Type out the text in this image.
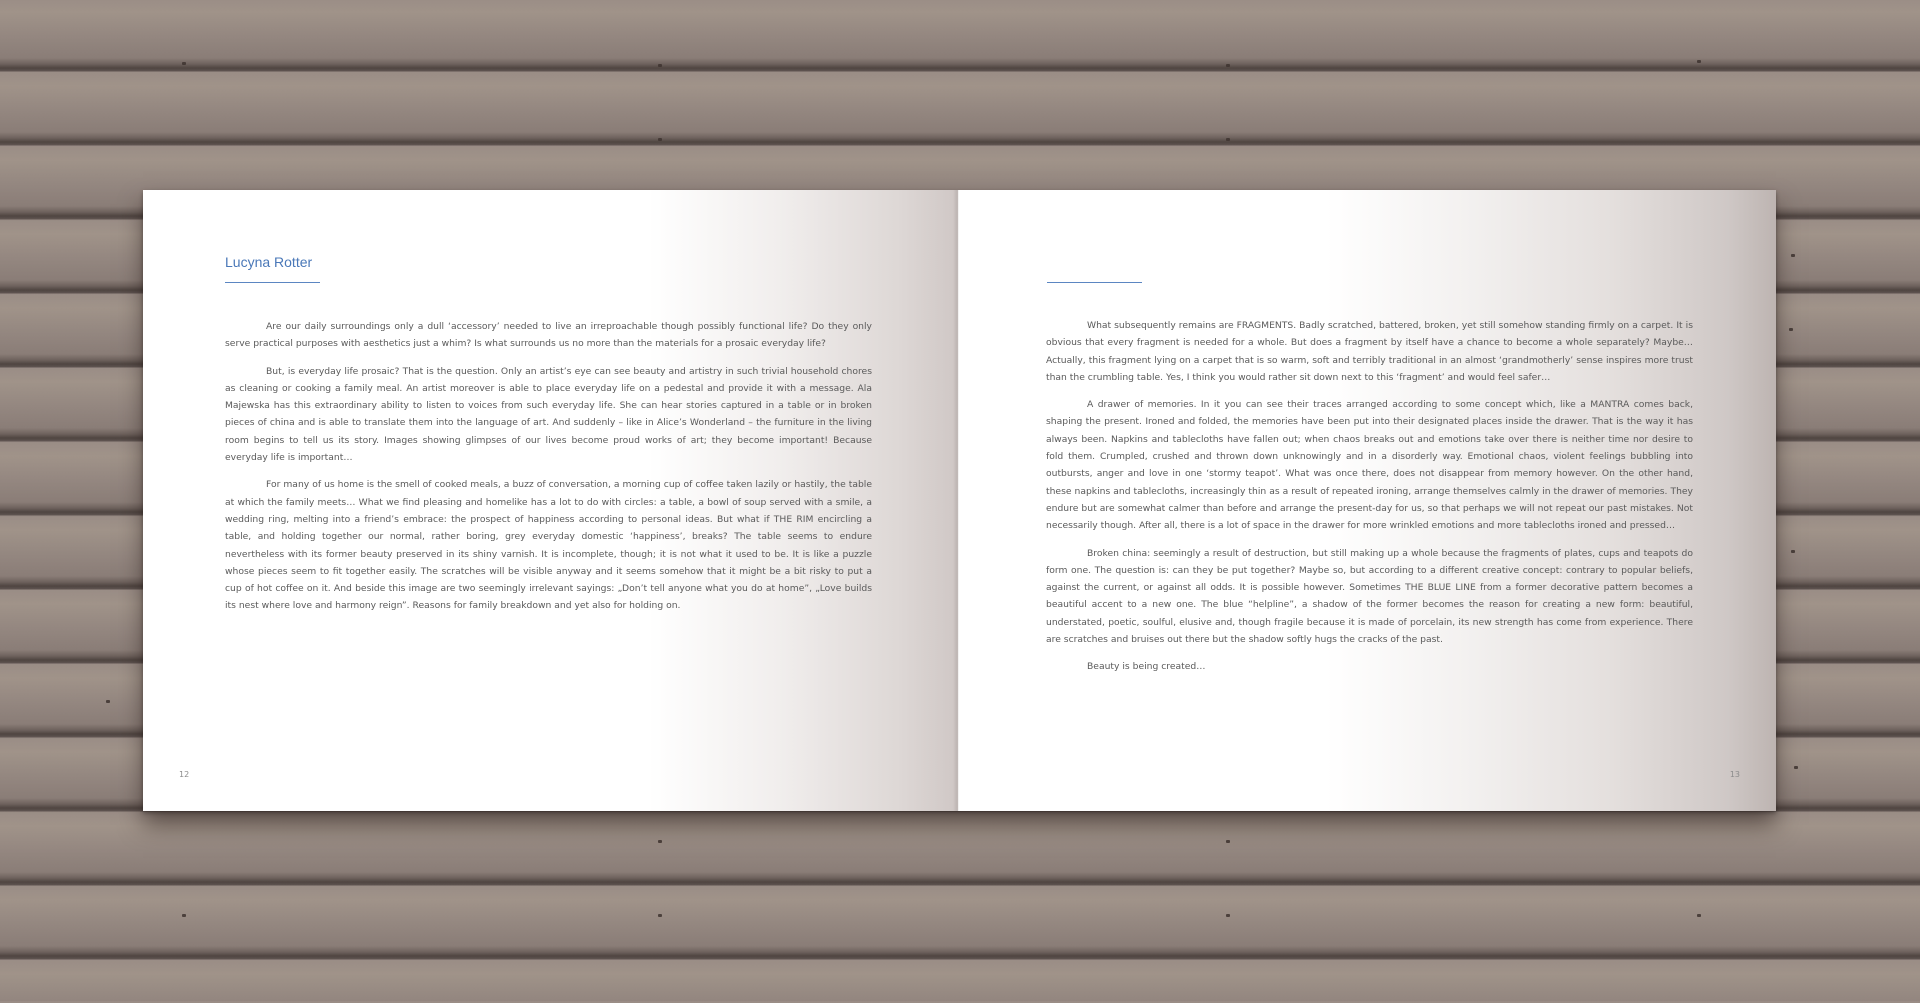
Lucyna Rotter

Are our daily surroundings only a dull ‘accessory’ needed to live an irreproachable though possibly functional life? Do they only serve practical purposes with aesthetics just a whim? Is what surrounds us no more than the materials for a prosaic everyday life?

But, is everyday life prosaic? That is the question. Only an artist’s eye can see beauty and artistry in such trivial household chores as cleaning or cooking a family meal. An artist moreover is able to place everyday life on a pedestal and provide it with a message. Ala Majewska has this extraordinary ability to listen to voices from such everyday life. She can hear stories captured in a table or in broken pieces of china and is able to translate them into the language of art. And suddenly – like in Alice’s Wonderland – the furniture in the living room begins to tell us its story. Images showing glimpses of our lives become proud works of art; they become important! Because everyday life is important…

For many of us home is the smell of cooked meals, a buzz of conversation, a morning cup of coffee taken lazily or hastily, the table at which the family meets… What we find pleasing and homelike has a lot to do with circles: a table, a bowl of soup served with a smile, a wedding ring, melting into a friend’s embrace: the prospect of happiness according to personal ideas. But what if THE RIM encircling a table, and holding together our normal, rather boring, grey everyday domestic ‘happiness’, breaks? The table seems to endure nevertheless with its former beauty preserved in its shiny varnish. It is incomplete, though; it is not what it used to be. It is like a puzzle whose pieces seem to fit together easily. The scratches will be visible anyway and it seems somehow that it might be a bit risky to put a cup of hot coffee on it. And beside this image are two seemingly irrelevant sayings: „Don’t tell anyone what you do at home”, „Love builds its nest where love and harmony reign”. Reasons for family breakdown and yet also for holding on.

12

What subsequently remains are FRAGMENTS. Badly scratched, battered, broken, yet still somehow standing firmly on a carpet. It is obvious that every fragment is needed for a whole. But does a fragment by itself have a chance to become a whole separately? Maybe… Actually, this fragment lying on a carpet that is so warm, soft and terribly traditional in an almost ‘grandmotherly’ sense inspires more trust than the crumbling table. Yes, I think you would rather sit down next to this ‘fragment’ and would feel safer…

A drawer of memories. In it you can see their traces arranged according to some concept which, like a MANTRA comes back, shaping the present. Ironed and folded, the memories have been put into their designated places inside the drawer. That is the way it has always been. Napkins and tablecloths have fallen out; when chaos breaks out and emotions take over there is neither time nor desire to fold them. Crumpled, crushed and thrown down unknowingly and in a disorderly way. Emotional chaos, violent feelings bubbling into outbursts, anger and love in one ‘stormy teapot’. What was once there, does not disappear from memory however. On the other hand, these napkins and tablecloths, increasingly thin as a result of repeated ironing, arrange themselves calmly in the drawer of memories. They endure but are somewhat calmer than before and arrange the present-day for us, so that perhaps we will not repeat our past mistakes. Not necessarily though. After all, there is a lot of space in the drawer for more wrinkled emotions and more tablecloths ironed and pressed…

Broken china: seemingly a result of destruction, but still making up a whole because the fragments of plates, cups and teapots do form one. The question is: can they be put together? Maybe so, but according to a different creative concept: contrary to popular beliefs, against the current, or against all odds. It is possible however. Sometimes THE BLUE LINE from a former decorative pattern becomes a beautiful accent to a new one. The blue “helpline”, a shadow of the former becomes the reason for creating a new form: beautiful, understated, poetic, soulful, elusive and, though fragile because it is made of porcelain, its new strength has come from experience. There are scratches and bruises out there but the shadow softly hugs the cracks of the past.

Beauty is being created…

13
